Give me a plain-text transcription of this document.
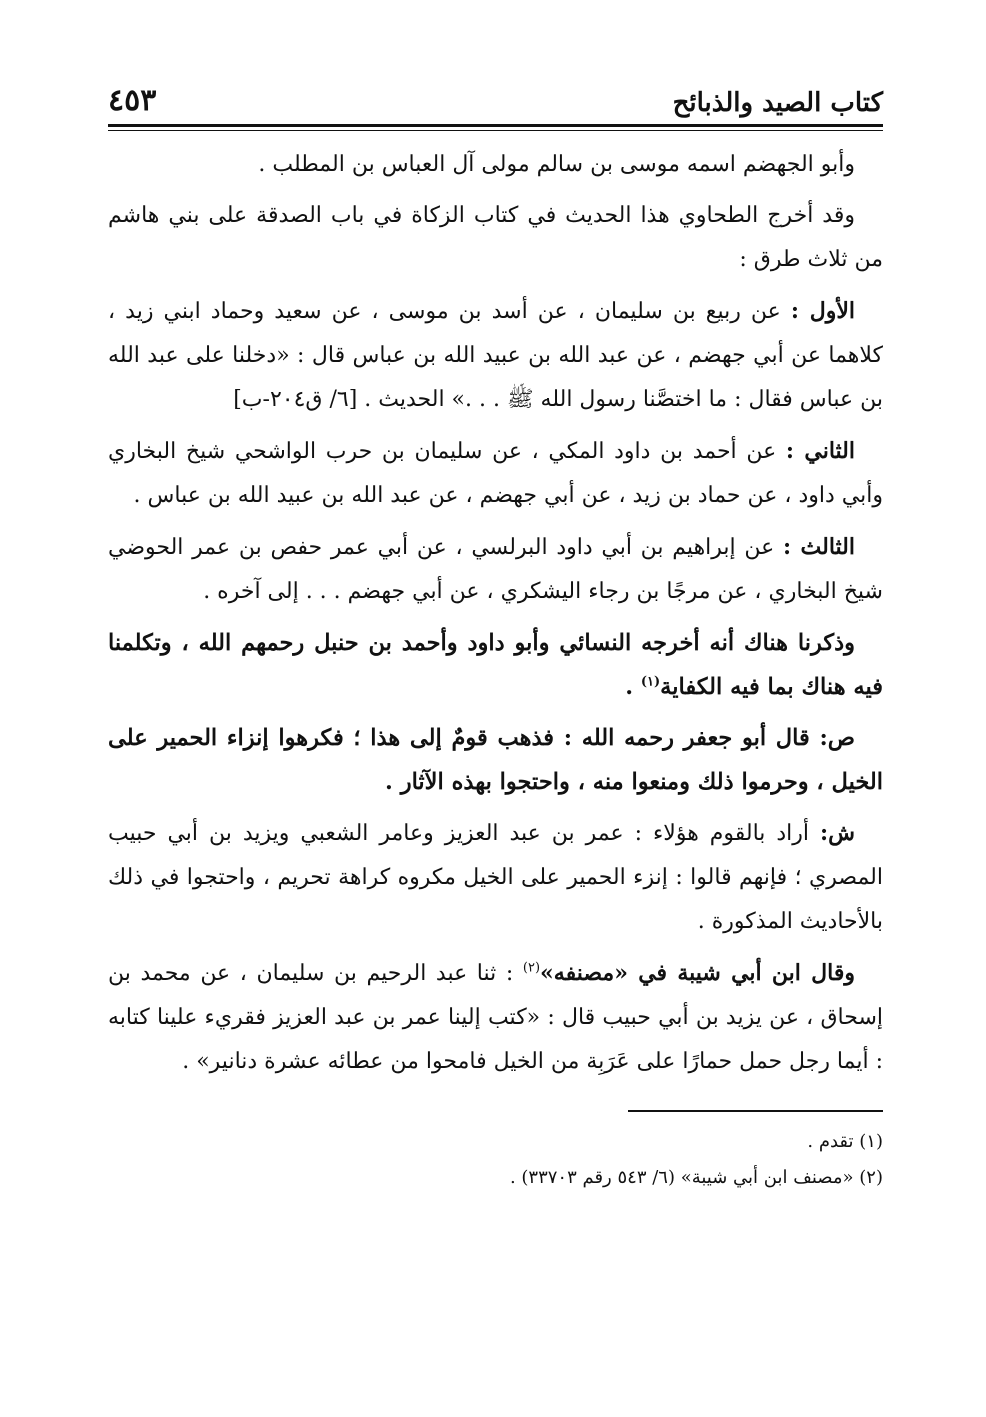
كتاب الصيد والذبائح
٤٥٣

وأبو الجهضم اسمه موسى بن سالم مولى آل العباس بن المطلب .

وقد أخرج الطحاوي هذا الحديث في كتاب الزكاة في باب الصدقة على بني هاشم من ثلاث طرق :

الأول : عن ربيع بن سليمان ، عن أسد بن موسى ، عن سعيد وحماد ابني زيد ، كلاهما عن أبي جهضم ، عن عبد الله بن عبيد الله بن عباس قال : «دخلنا على عبد الله بن عباس فقال : ما اختصَّنا رسول الله ﷺ . . .» الحديث . [٦/ ق٢٠٤-ب]

الثاني : عن أحمد بن داود المكي ، عن سليمان بن حرب الواشحي شيخ البخاري وأبي داود ، عن حماد بن زيد ، عن أبي جهضم ، عن عبد الله بن عبيد الله بن عباس .

الثالث : عن إبراهيم بن أبي داود البرلسي ، عن أبي عمر حفص بن عمر الحوضي شيخ البخاري ، عن مرجًا بن رجاء اليشكري ، عن أبي جهضم . . . إلى آخره .

وذكرنا هناك أنه أخرجه النسائي وأبو داود وأحمد بن حنبل رحمهم الله ، وتكلمنا فيه هناك بما فيه الكفاية$^{(١)}$ .

ص: قال أبو جعفر رحمه الله : فذهب قومٌ إلى هذا ؛ فكرهوا إنزاء الحمير على الخيل ، وحرموا ذلك ومنعوا منه ، واحتجوا بهذه الآثار .

ش: أراد بالقوم هؤلاء : عمر بن عبد العزيز وعامر الشعبي ويزيد بن أبي حبيب المصري ؛ فإنهم قالوا : إنزء الحمير على الخيل مكروه كراهة تحريم ، واحتجوا في ذلك بالأحاديث المذكورة .

وقال ابن أبي شيبة في «مصنفه»$^{(٢)}$ : ثنا عبد الرحيم بن سليمان ، عن محمد بن إسحاق ، عن يزيد بن أبي حبيب قال : «كتب إلينا عمر بن عبد العزيز فقريء علينا كتابه : أيما رجل حمل حمارًا على عَرَبِة من الخيل فامحوا من عطائه عشرة دنانير» .

(١) تقدم .
(٢) «مصنف ابن أبي شيبة» (٦/ ٥٤٣ رقم ٣٣٧٠٣) .
